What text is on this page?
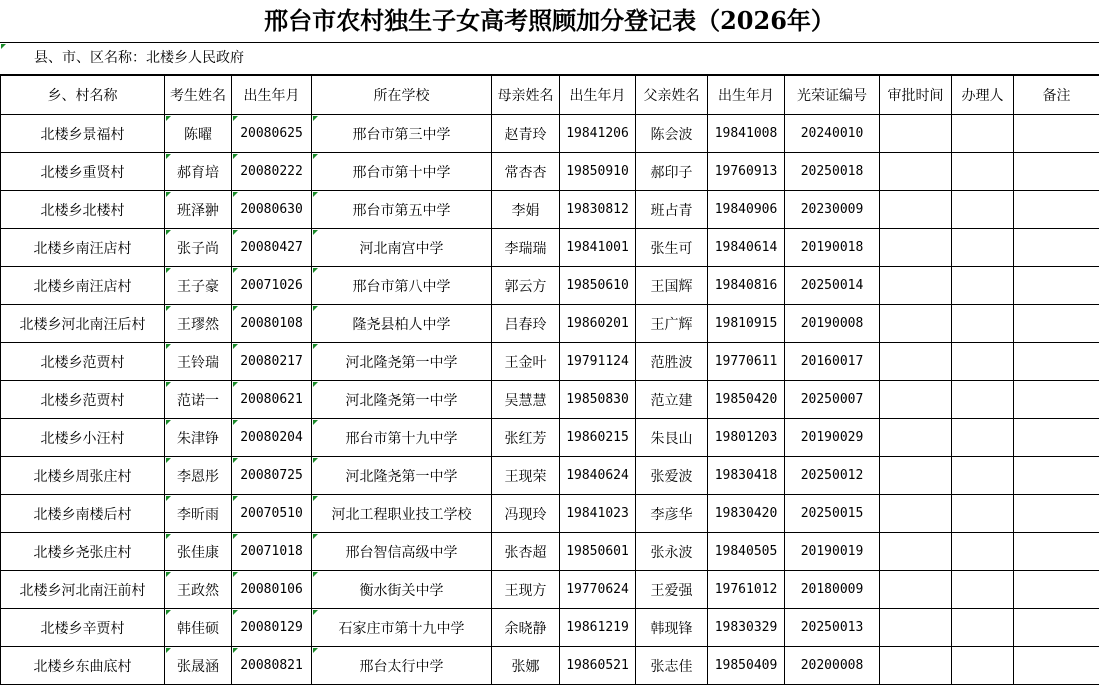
邢台市农村独生子女高考照顾加分登记表（2026年）
县、市、区名称：北楼乡人民政府
乡、村名称	考生姓名	出生年月	所在学校	母亲姓名	出生年月	父亲姓名	出生年月	光荣证编号	审批时间	办理人	备注
北楼乡景福村	陈曜	20080625	邢台市第三中学	赵青玲	19841206	陈会波	19841008	20240010			
北楼乡重贤村	郝育培	20080222	邢台市第十中学	常杏杏	19850910	郝印子	19760913	20250018			
北楼乡北楼村	班泽翀	20080630	邢台市第五中学	李娟	19830812	班占青	19840906	20230009			
北楼乡南汪店村	张子尚	20080427	河北南宫中学	李瑞瑞	19841001	张生可	19840614	20190018			
北楼乡南汪店村	王子豪	20071026	邢台市第八中学	郭云方	19850610	王国辉	19840816	20250014			
北楼乡河北南汪后村	王璆然	20080108	隆尧县柏人中学	吕春玲	19860201	王广辉	19810915	20190008			
北楼乡范贾村	王铃瑞	20080217	河北隆尧第一中学	王金叶	19791124	范胜波	19770611	20160017			
北楼乡范贾村	范诺一	20080621	河北隆尧第一中学	吴慧慧	19850830	范立建	19850420	20250007			
北楼乡小汪村	朱津铮	20080204	邢台市第十九中学	张红芳	19860215	朱艮山	19801203	20190029			
北楼乡周张庄村	李恩彤	20080725	河北隆尧第一中学	王现荣	19840624	张爱波	19830418	20250012			
北楼乡南楼后村	李昕雨	20070510	河北工程职业技工学校	冯现玲	19841023	李彦华	19830420	20250015			
北楼乡尧张庄村	张佳康	20071018	邢台智信高级中学	张杏超	19850601	张永波	19840505	20190019			
北楼乡河北南汪前村	王政然	20080106	衡水街关中学	王现方	19770624	王爱强	19761012	20180009			
北楼乡辛贾村	韩佳硕	20080129	石家庄市第十九中学	余晓静	19861219	韩现锋	19830329	20250013			
北楼乡东曲底村	张晟涵	20080821	邢台太行中学	张娜	19860521	张志佳	19850409	20200008			
